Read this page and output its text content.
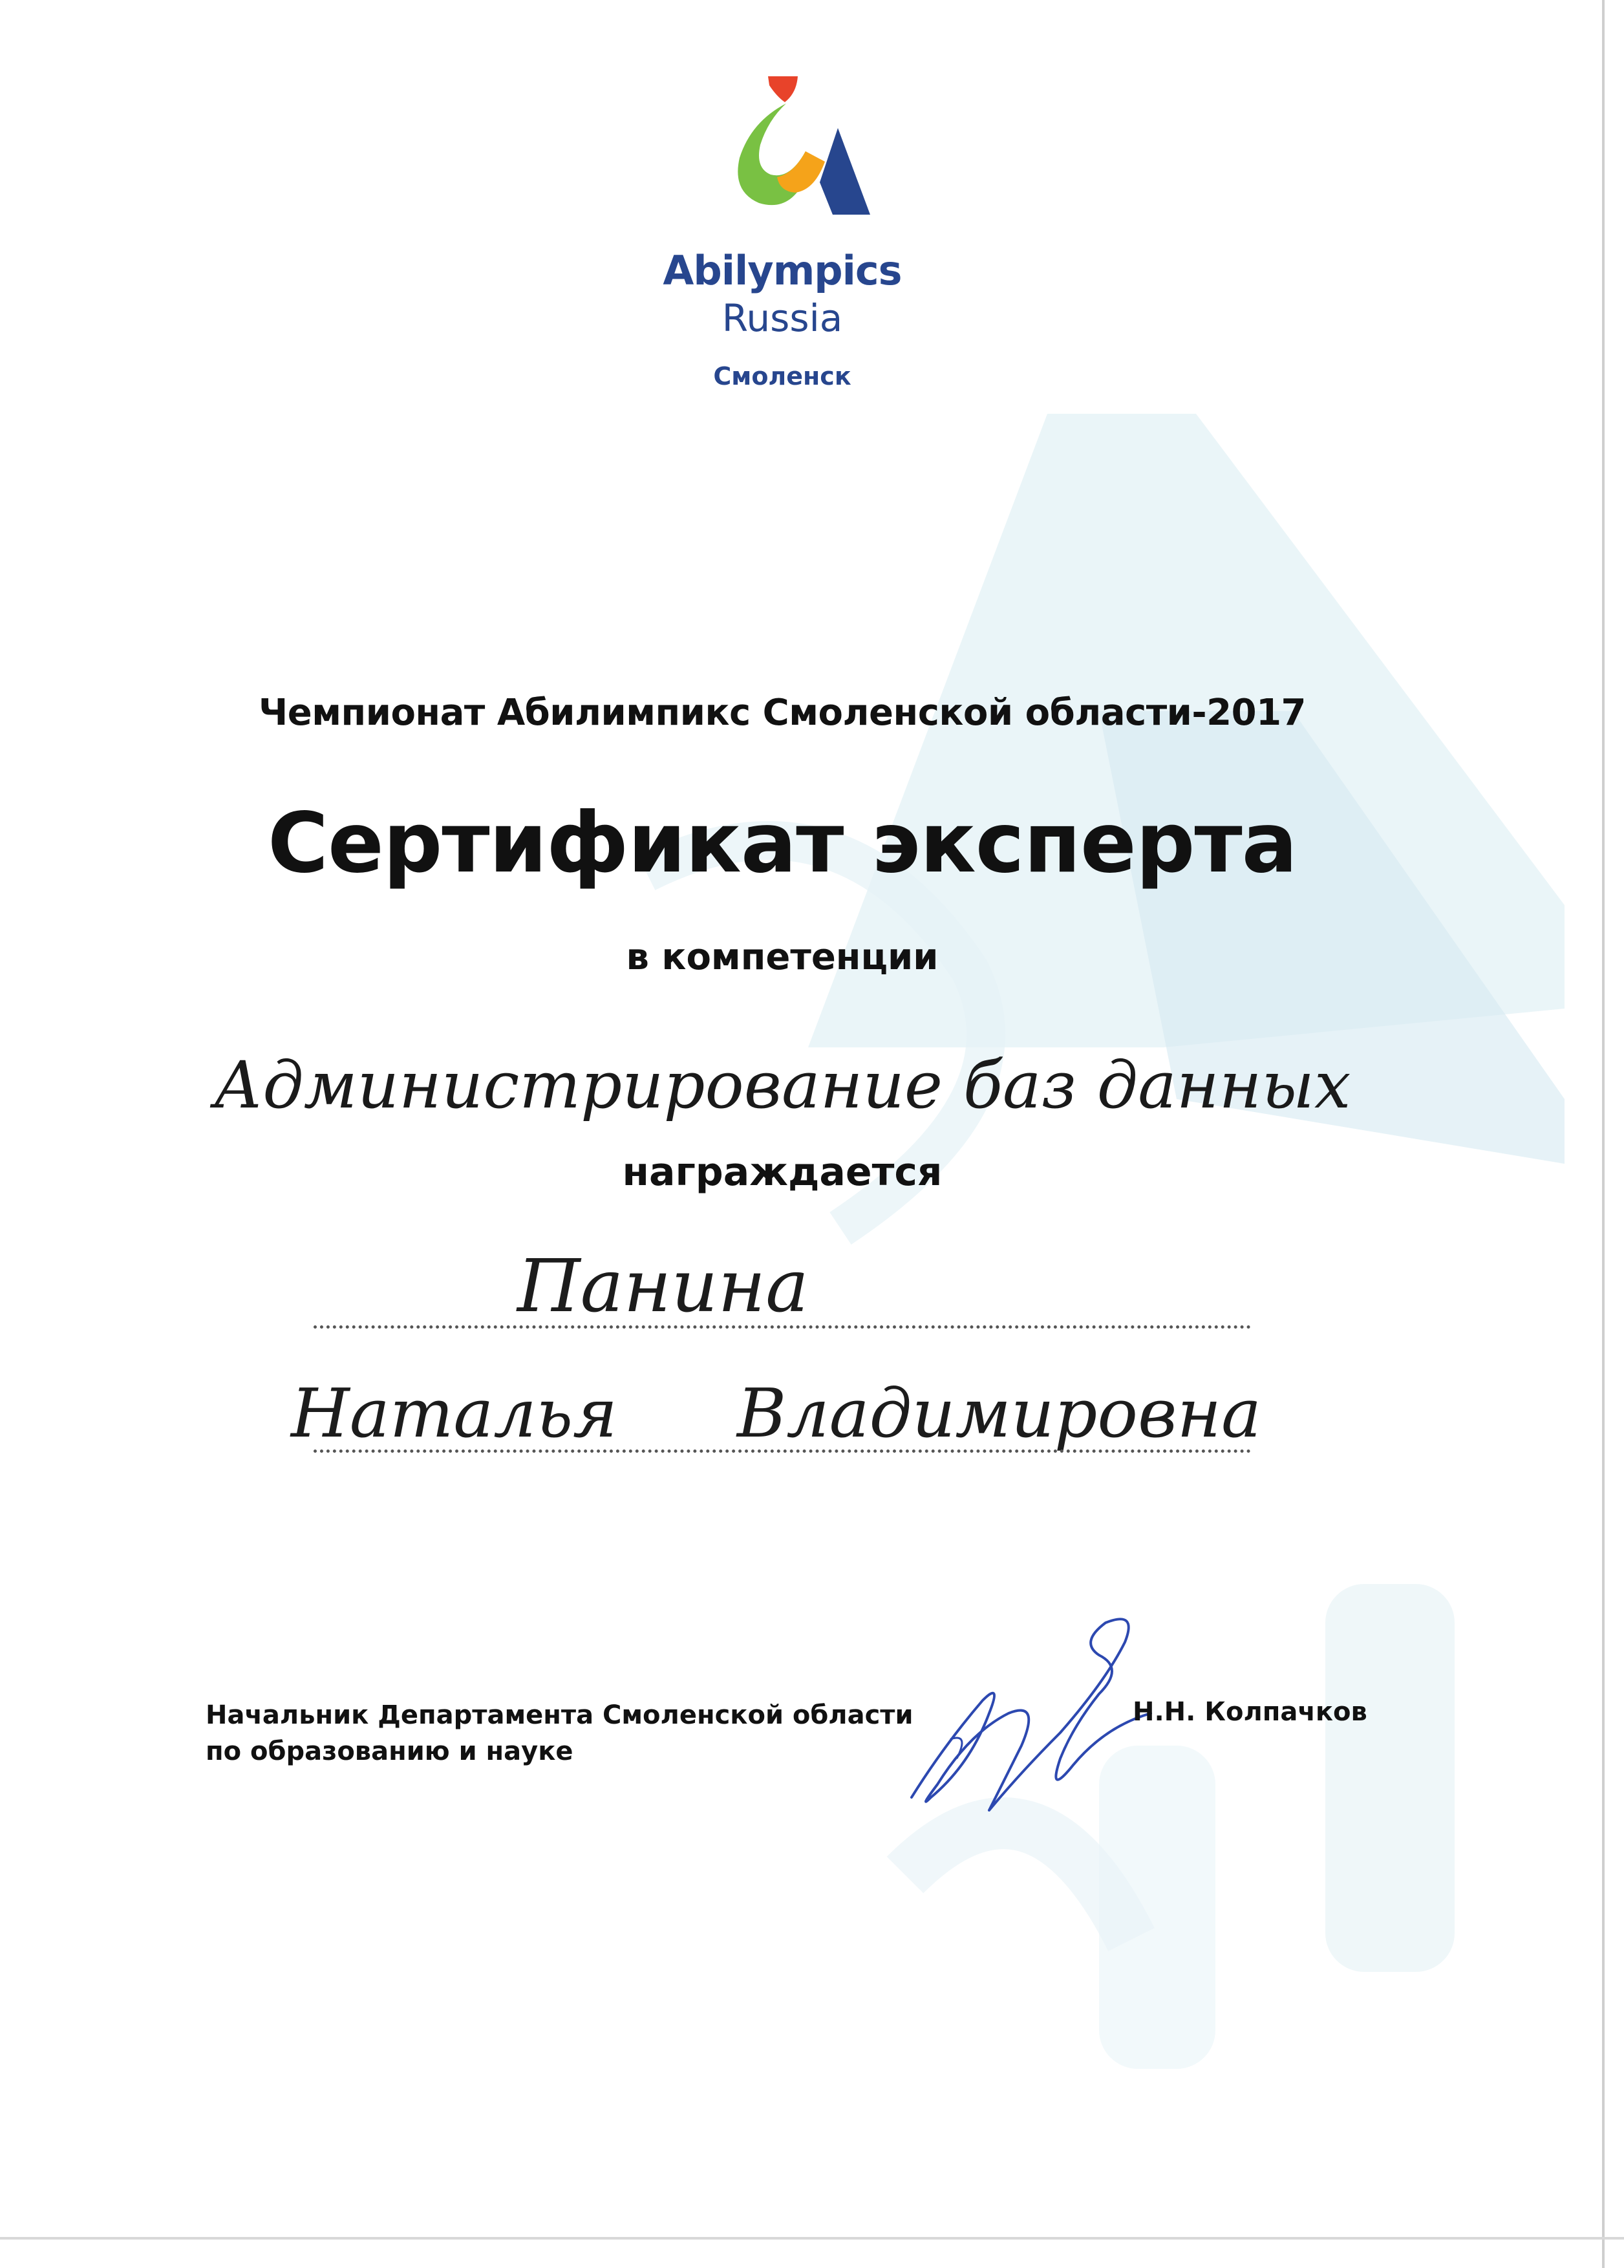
Abilympics
Russia
Смоленск
Чемпионат Абилимпикс Смоленской области-2017
Сертификат эксперта
в компетенции
Администрирование баз данных
награждается
Панина
Наталья Владимировна
Начальник Департамента Смоленской области
по образованию и науке
Н.Н. Колпачков
